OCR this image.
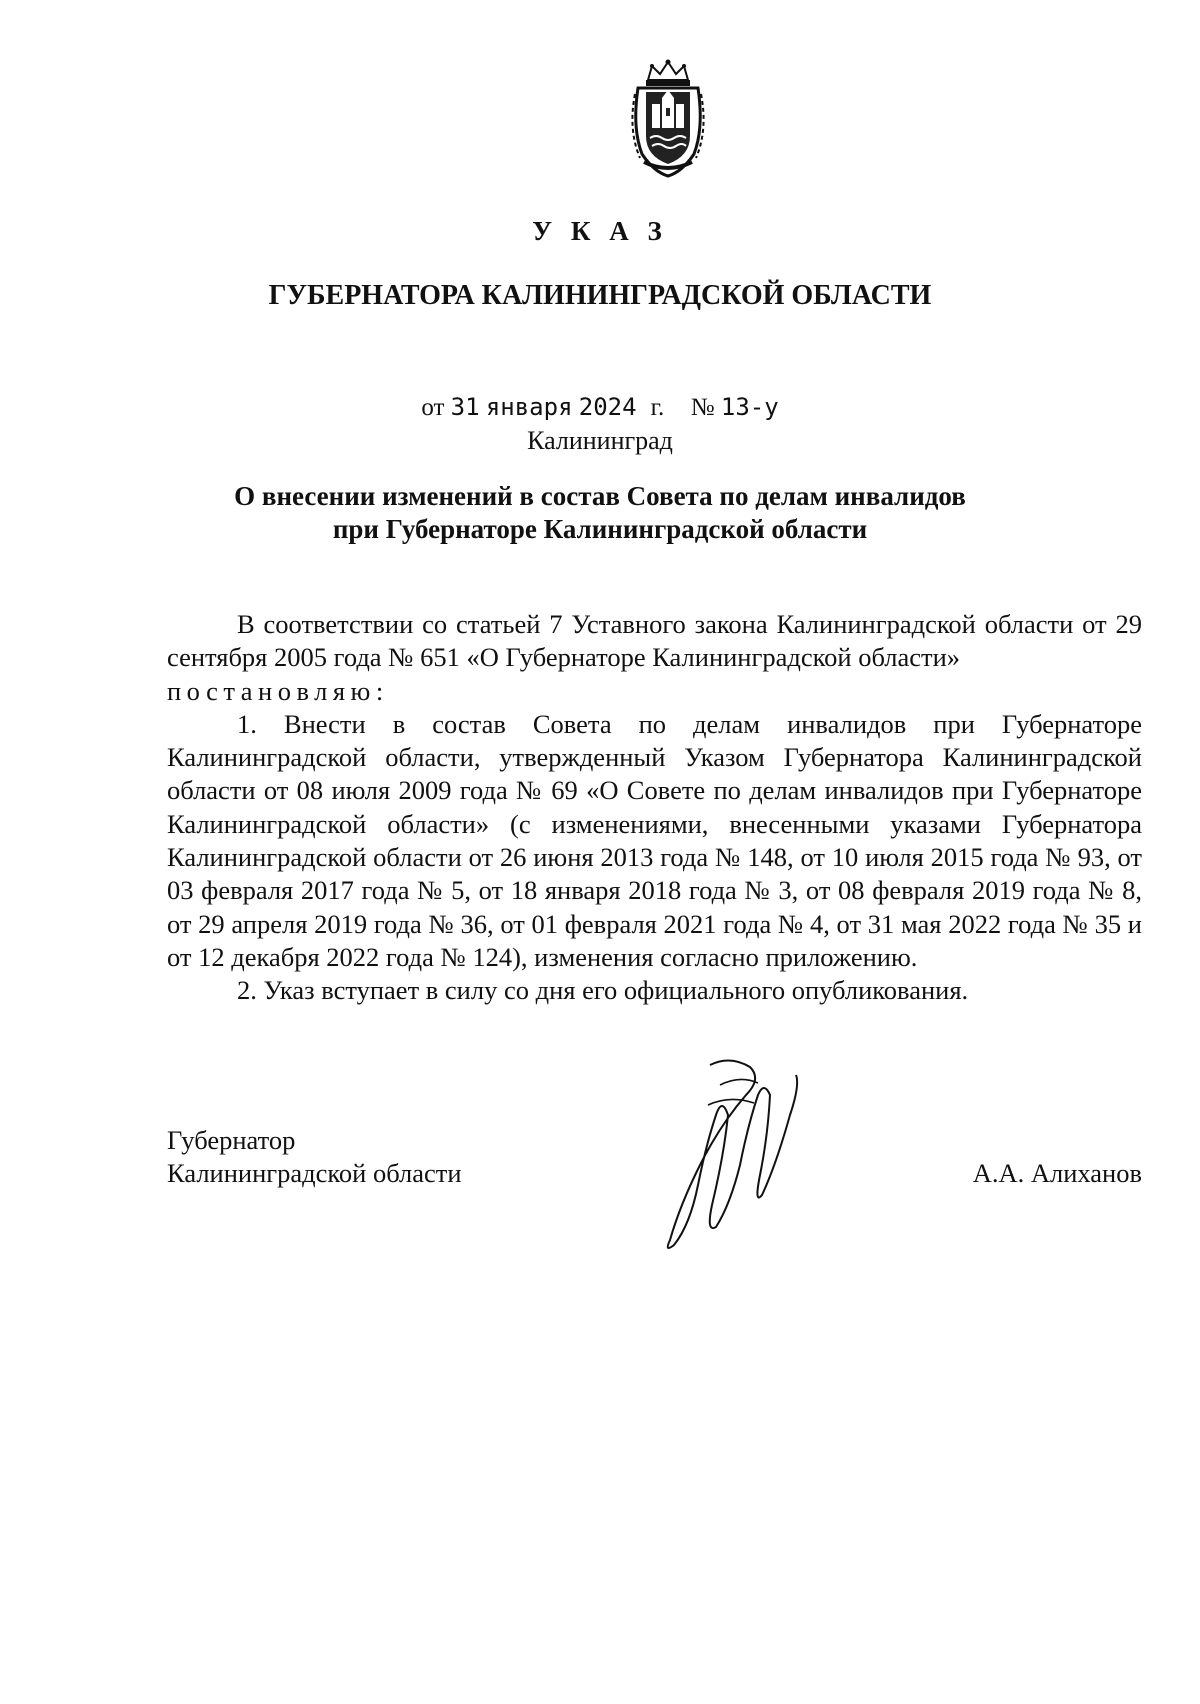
У К А З
ГУБЕРНАТОРА КАЛИНИНГРАДСКОЙ ОБЛАСТИ
от 31 января 2024 г. № 13-у
Калининград
О внесении изменений в состав Совета по делам инвалидов
при Губернаторе Калининградской области

В соответствии со статьей 7 Уставного закона Калининградской области от 29 сентября 2005 года № 651 «О Губернаторе Калининградской области»

постановляю:

1. Внести в состав Совета по делам инвалидов при Губернаторе Калининградской области, утвержденный Указом Губернатора Калининградской области от 08 июля 2009 года № 69 «О Совете по делам инвалидов при Губернаторе Калининградской области» (с изменениями, внесенными указами Губернатора Калининградской области от 26 июня 2013 года № 148, от 10 июля 2015 года № 93, от 03 февраля 2017 года № 5, от 18 января 2018 года № 3, от 08 февраля 2019 года № 8, от 29 апреля 2019 года № 36, от 01 февраля 2021 года № 4, от 31 мая 2022 года № 35 и от 12 декабря 2022 года № 124), изменения согласно приложению.

2. Указ вступает в силу со дня его официального опубликования.

Губернатор
Калининградской области	А.А. Алиханов
